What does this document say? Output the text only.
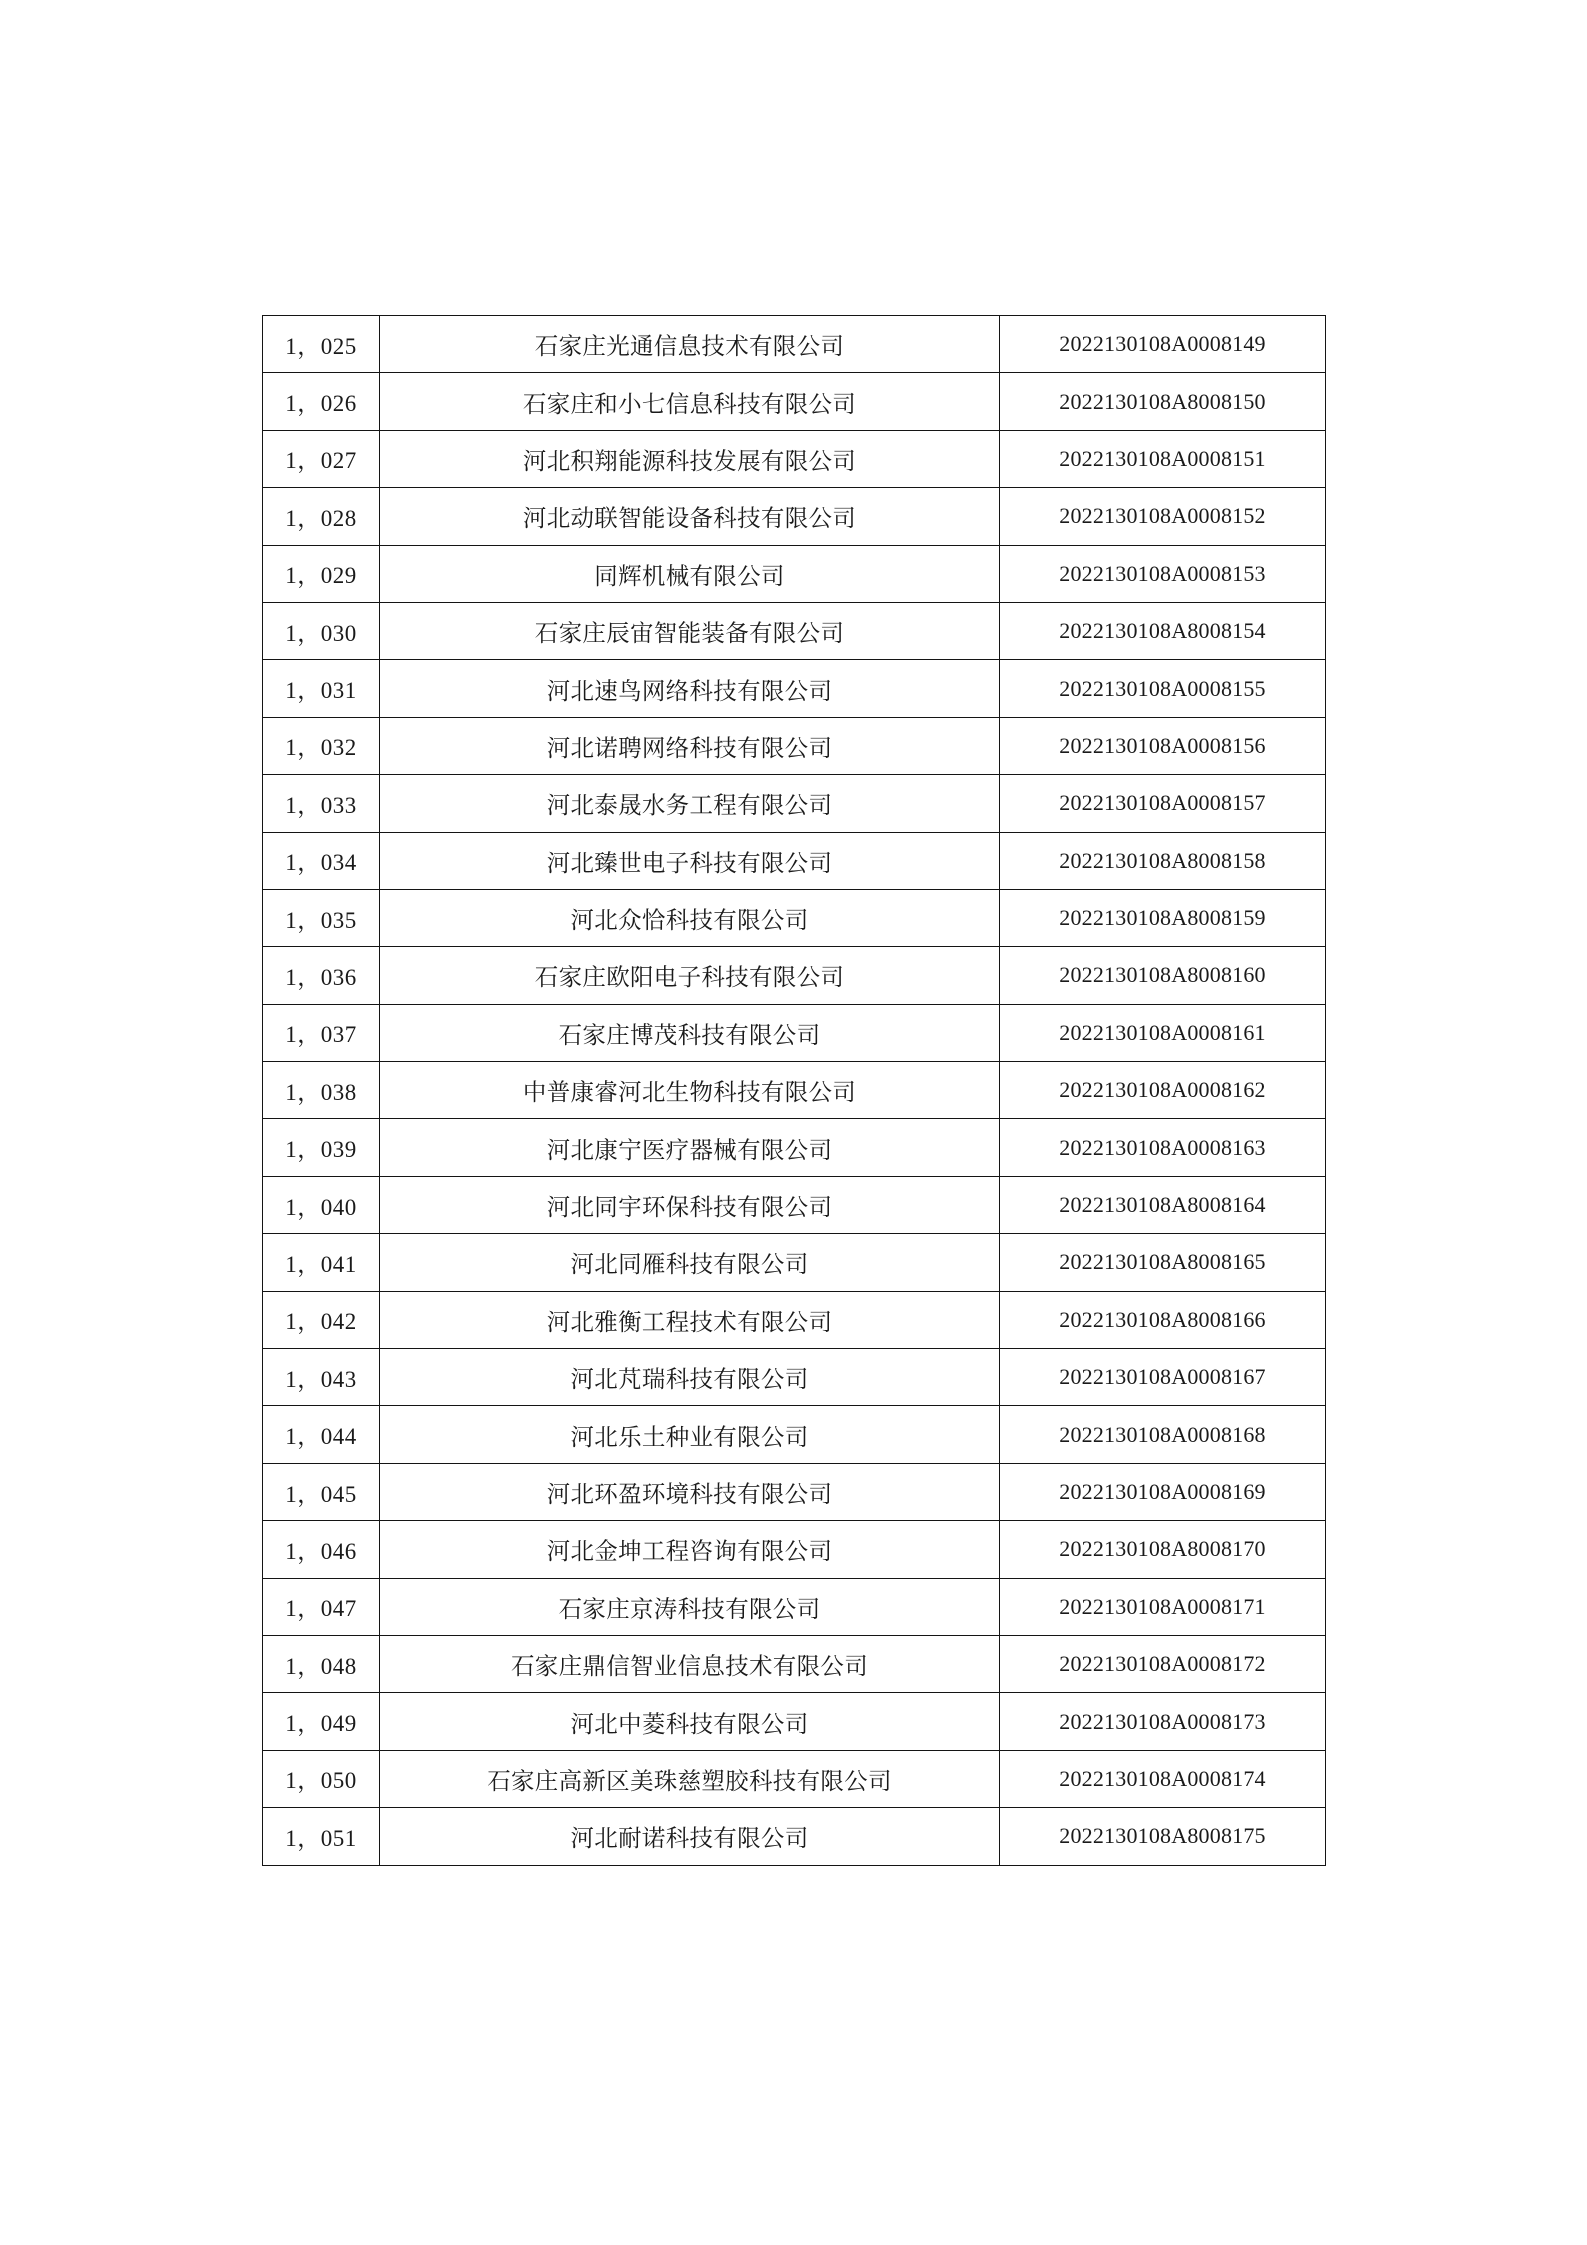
1，025	石家庄光通信息技术有限公司	2022130108A0008149
1，026	石家庄和小七信息科技有限公司	2022130108A8008150
1，027	河北积翔能源科技发展有限公司	2022130108A0008151
1，028	河北动联智能设备科技有限公司	2022130108A0008152
1，029	同辉机械有限公司	2022130108A0008153
1，030	石家庄辰宙智能装备有限公司	2022130108A8008154
1，031	河北速鸟网络科技有限公司	2022130108A0008155
1，032	河北诺聘网络科技有限公司	2022130108A0008156
1，033	河北泰晟水务工程有限公司	2022130108A0008157
1，034	河北臻世电子科技有限公司	2022130108A8008158
1，035	河北众恰科技有限公司	2022130108A8008159
1，036	石家庄欧阳电子科技有限公司	2022130108A8008160
1，037	石家庄博茂科技有限公司	2022130108A0008161
1，038	中普康睿河北生物科技有限公司	2022130108A0008162
1，039	河北康宁医疗器械有限公司	2022130108A0008163
1，040	河北同宇环保科技有限公司	2022130108A8008164
1，041	河北同雁科技有限公司	2022130108A8008165
1，042	河北雅衡工程技术有限公司	2022130108A8008166
1，043	河北芃瑞科技有限公司	2022130108A0008167
1，044	河北乐土种业有限公司	2022130108A0008168
1，045	河北环盈环境科技有限公司	2022130108A0008169
1，046	河北金坤工程咨询有限公司	2022130108A8008170
1，047	石家庄京涛科技有限公司	2022130108A0008171
1，048	石家庄鼎信智业信息技术有限公司	2022130108A0008172
1，049	河北中菱科技有限公司	2022130108A0008173
1，050	石家庄高新区美珠慈塑胶科技有限公司	2022130108A0008174
1，051	河北耐诺科技有限公司	2022130108A8008175
